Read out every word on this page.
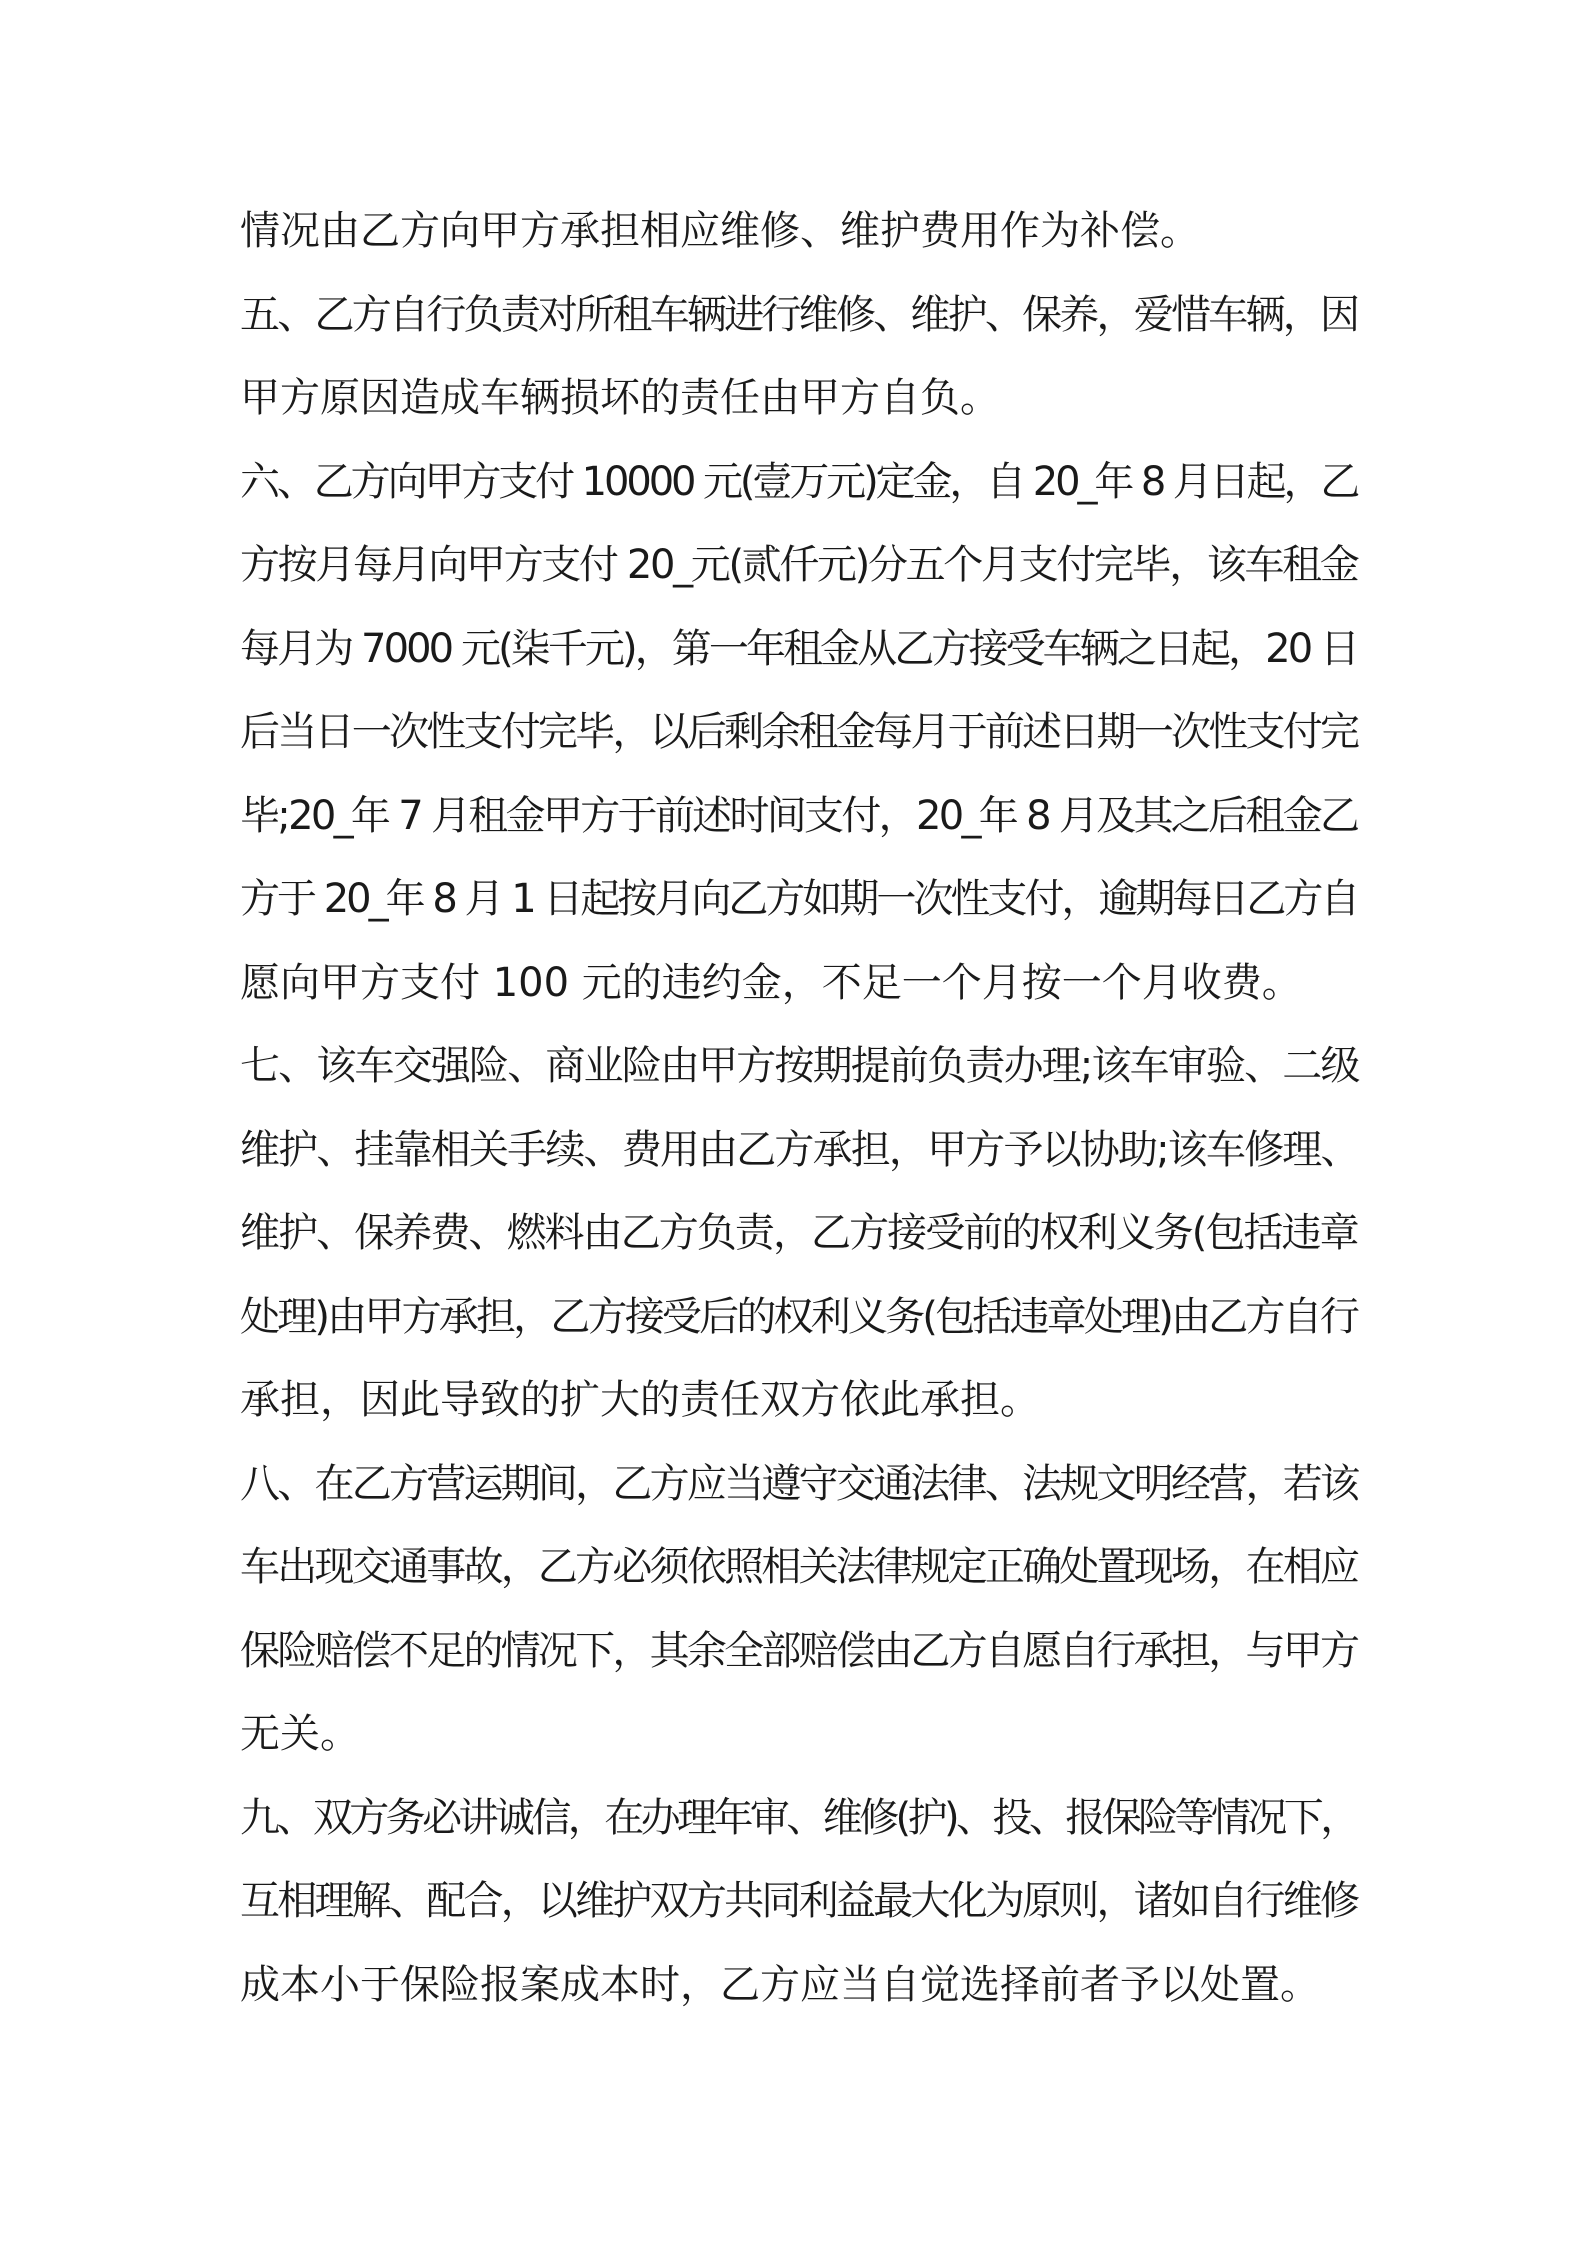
情况由乙方向甲方承担相应维修、维护费用作为补偿。
五、乙方自行负责对所租车辆进行维修、维护、保养，爱惜车辆，因
甲方原因造成车辆损坏的责任由甲方自负。
六、乙方向甲方支付 10000 元(壹万元)定金，自 20_年 8 月日起，乙
方按月每月向甲方支付 20_元(贰仟元)分五个月支付完毕，该车租金
每月为 7000 元(柒千元)，第一年租金从乙方接受车辆之日起，20 日
后当日一次性支付完毕，以后剩余租金每月于前述日期一次性支付完
毕;20_年 7 月租金甲方于前述时间支付，20_年 8 月及其之后租金乙
方于 20_年 8 月 1 日起按月向乙方如期一次性支付，逾期每日乙方自
愿向甲方支付 100 元的违约金，不足一个月按一个月收费。
七、该车交强险、商业险由甲方按期提前负责办理;该车审验、二级
维护、挂靠相关手续、费用由乙方承担，甲方予以协助;该车修理、
维护、保养费、燃料由乙方负责，乙方接受前的权利义务(包括违章
处理)由甲方承担，乙方接受后的权利义务(包括违章处理)由乙方自行
承担，因此导致的扩大的责任双方依此承担。
八、在乙方营运期间，乙方应当遵守交通法律、法规文明经营，若该
车出现交通事故，乙方必须依照相关法律规定正确处置现场，在相应
保险赔偿不足的情况下，其余全部赔偿由乙方自愿自行承担，与甲方
无关。
九、双方务必讲诚信，在办理年审、维修(护)、投、报保险等情况下，
互相理解、配合，以维护双方共同利益最大化为原则，诸如自行维修
成本小于保险报案成本时，乙方应当自觉选择前者予以处置。
